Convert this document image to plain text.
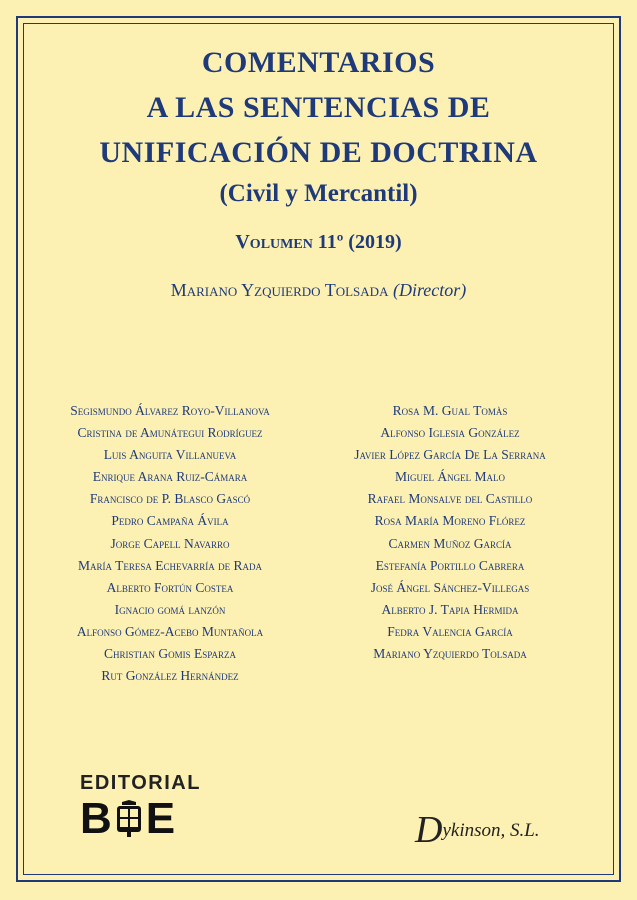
COMENTARIOS
A LAS SENTENCIAS DE
UNIFICACIÓN DE DOCTRINA
(Civil y Mercantil)
Volumen 11º (2019)
Mariano Yzquierdo Tolsada (Director)
Segismundo Álvarez Royo-Villanova
Cristina de Amunátegui Rodríguez
Luis Anguita Villanueva
Enrique Arana Ruiz-Cámara
Francisco de P. Blasco Gascó
Pedro Campaña Ávila
Jorge Capell Navarro
María Teresa Echevarría de Rada
Alberto Fortún Costea
Ignacio gomá lanzón
Alfonso Gómez-Acebo Muntañola
Christian Gomis Esparza
Rut González Hernández
Rosa M. Gual Tomàs
Alfonso Iglesia González
Javier López García De La Serrana
Miguel Ángel Malo
Rafael Monsalve del Castillo
Rosa María Moreno Flórez
Carmen Muñoz García
Estefanía Portillo Cabrera
José Ángel Sánchez-Villegas
Alberto J. Tapia Hermida
Fedra Valencia García
Mariano Yzquierdo Tolsada
EDITORIAL
B E	Dykinson, S.L.
